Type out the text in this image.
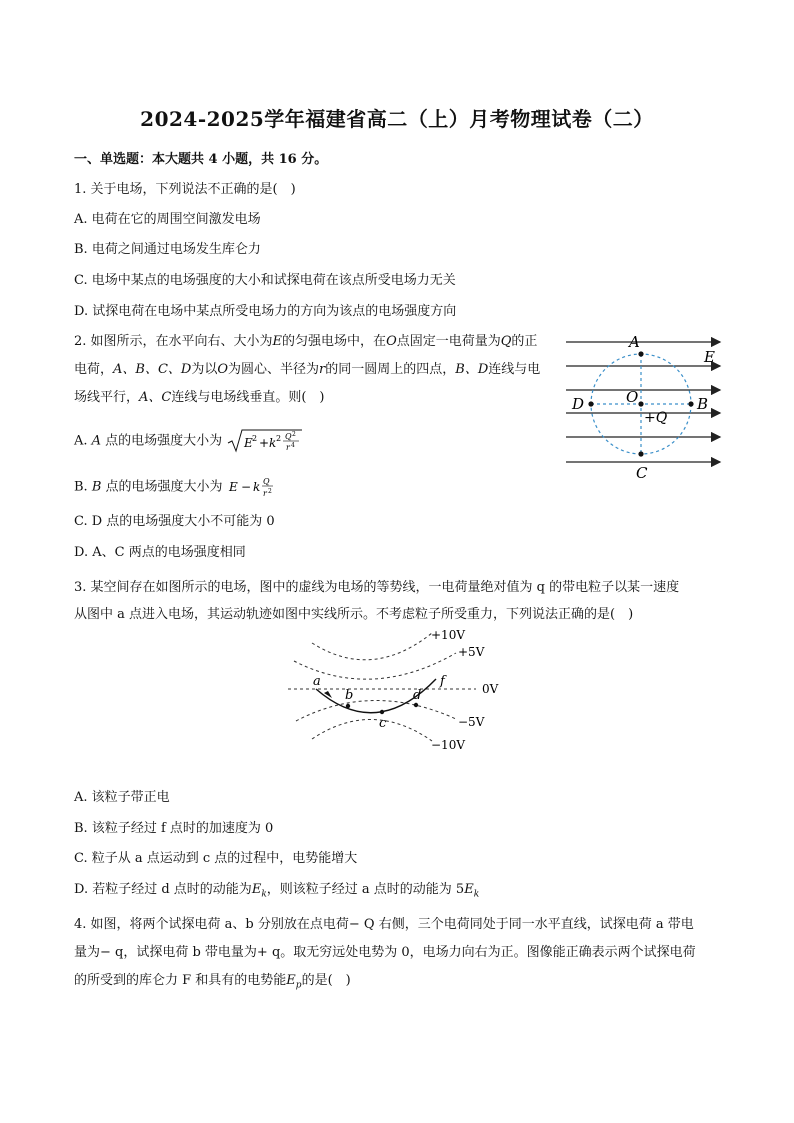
2024-2025学年福建省高二（上）月考物理试卷（二）
一、单选题：本大题共 4 小题，共 16 分。
1. 关于电场，下列说法不正确的是(　)
A. 电荷在它的周围空间激发电场
B. 电荷之间通过电场发生库仑力
C. 电场中某点的电场强度的大小和试探电荷在该点所受电场力无关
D. 试探电荷在电场中某点所受电场力的方向为该点的电场强度方向
2. 如图所示，在水平向右、大小为E的匀强电场中，在O点固定一电荷量为Q的正电荷，A、B、C、D为以O为圆心、半径为r的同一圆周上的四点，B、D连线与电场线平行，A、C连线与电场线垂直。则(　)
A. A 点的电场强度大小为 E 2 + k 2 Q 2
r 4
B. B 点的电场强度大小为 E − k Q
r 2
C. D 点的电场强度大小不可能为 0
D. A、C 两点的电场强度相同
A
C
D	B
O
+Q
E
3. 某空间存在如图所示的电场，图中的虚线为电场的等势线，一电荷量绝对值为 q 的带电粒子以某一速度
从图中 a 点进入电场，其运动轨迹如图中实线所示。不考虑粒子所受重力，下列说法正确的是(　)
a
b
c
d
f
+10V
+5V
0V
−5V
−10V
A. 该粒子带正电
B. 该粒子经过 f 点时的加速度为 0
C. 粒子从 a 点运动到 c 点的过程中，电势能增大
D. 若粒子经过 d 点时的动能为$E_k$，则该粒子经过 a 点时的动能为 $5E_k$
4. 如图，将两个试探电荷 a、b 分别放在点电荷− Q 右侧，三个电荷同处于同一水平直线，试探电荷 a 带电
量为− q，试探电荷 b 带电量为+ q。取无穷远处电势为 0，电场力向右为正。图像能正确表示两个试探电荷
的所受到的库仑力 F 和具有的电势能$E_p$的是(　)
